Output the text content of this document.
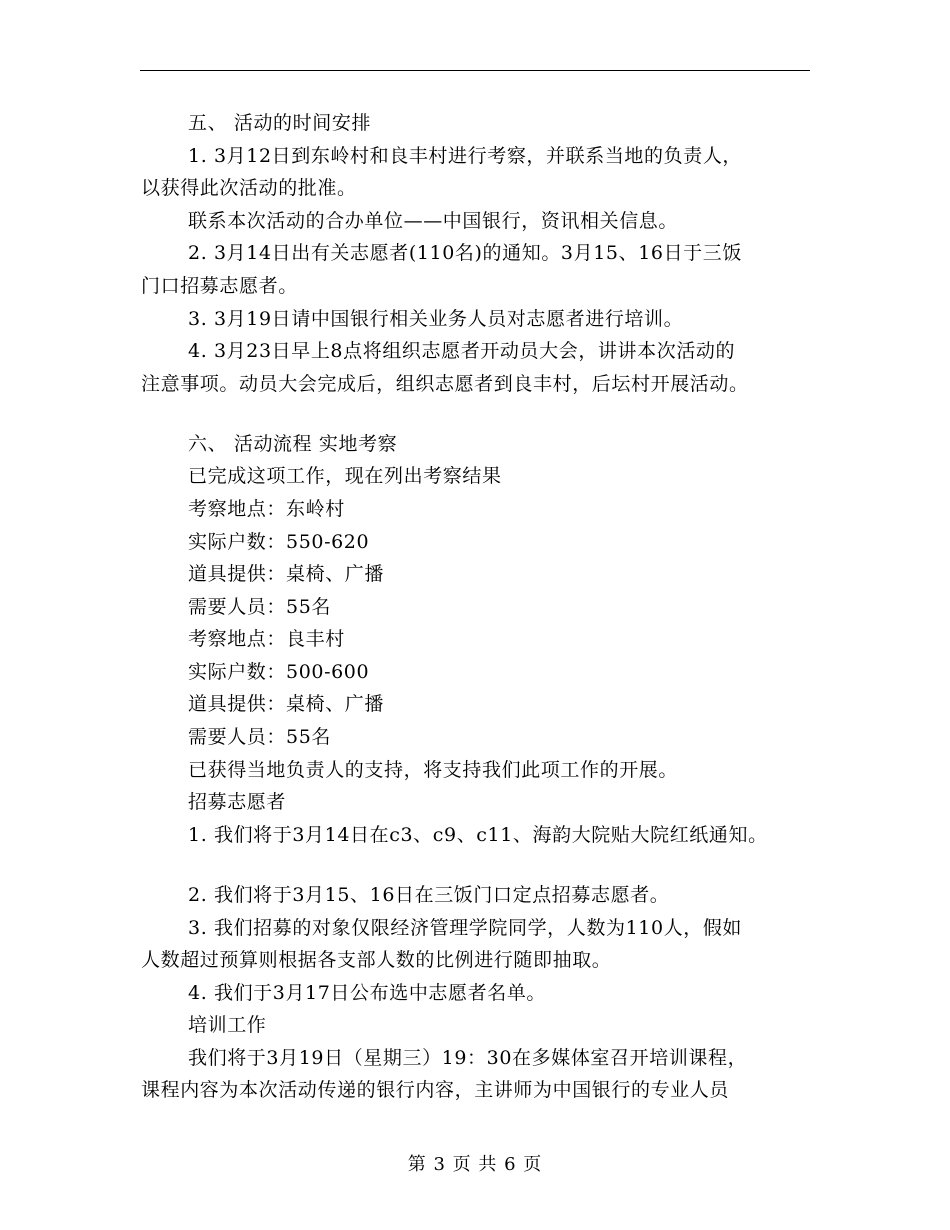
五、 活动的时间安排
1. 3月12日到东岭村和良丰村进行考察，并联系当地的负责人，
以获得此次活动的批准。
联系本次活动的合办单位——中国银行，资讯相关信息。
2. 3月14日出有关志愿者(110名)的通知。3月15、16日于三饭
门口招募志愿者。
3. 3月19日请中国银行相关业务人员对志愿者进行培训。
4. 3月23日早上8点将组织志愿者开动员大会，讲讲本次活动的
注意事项。动员大会完成后，组织志愿者到良丰村，后坛村开展活动。
六、 活动流程 实地考察
已完成这项工作，现在列出考察结果
考察地点：东岭村
实际户数：550-620
道具提供：桌椅、广播
需要人员：55名
考察地点：良丰村
实际户数：500-600
道具提供：桌椅、广播
需要人员：55名
已获得当地负责人的支持，将支持我们此项工作的开展。
招募志愿者
1. 我们将于3月14日在c3、c9、c11、海韵大院贴大院红纸通知。
2. 我们将于3月15、16日在三饭门口定点招募志愿者。
3. 我们招募的对象仅限经济管理学院同学，人数为110人，假如
人数超过预算则根据各支部人数的比例进行随即抽取。
4. 我们于3月17日公布选中志愿者名单。
培训工作
我们将于3月19日（星期三）19：30在多媒体室召开培训课程，
课程内容为本次活动传递的银行内容，主讲师为中国银行的专业人员
第 3 页 共 6 页
